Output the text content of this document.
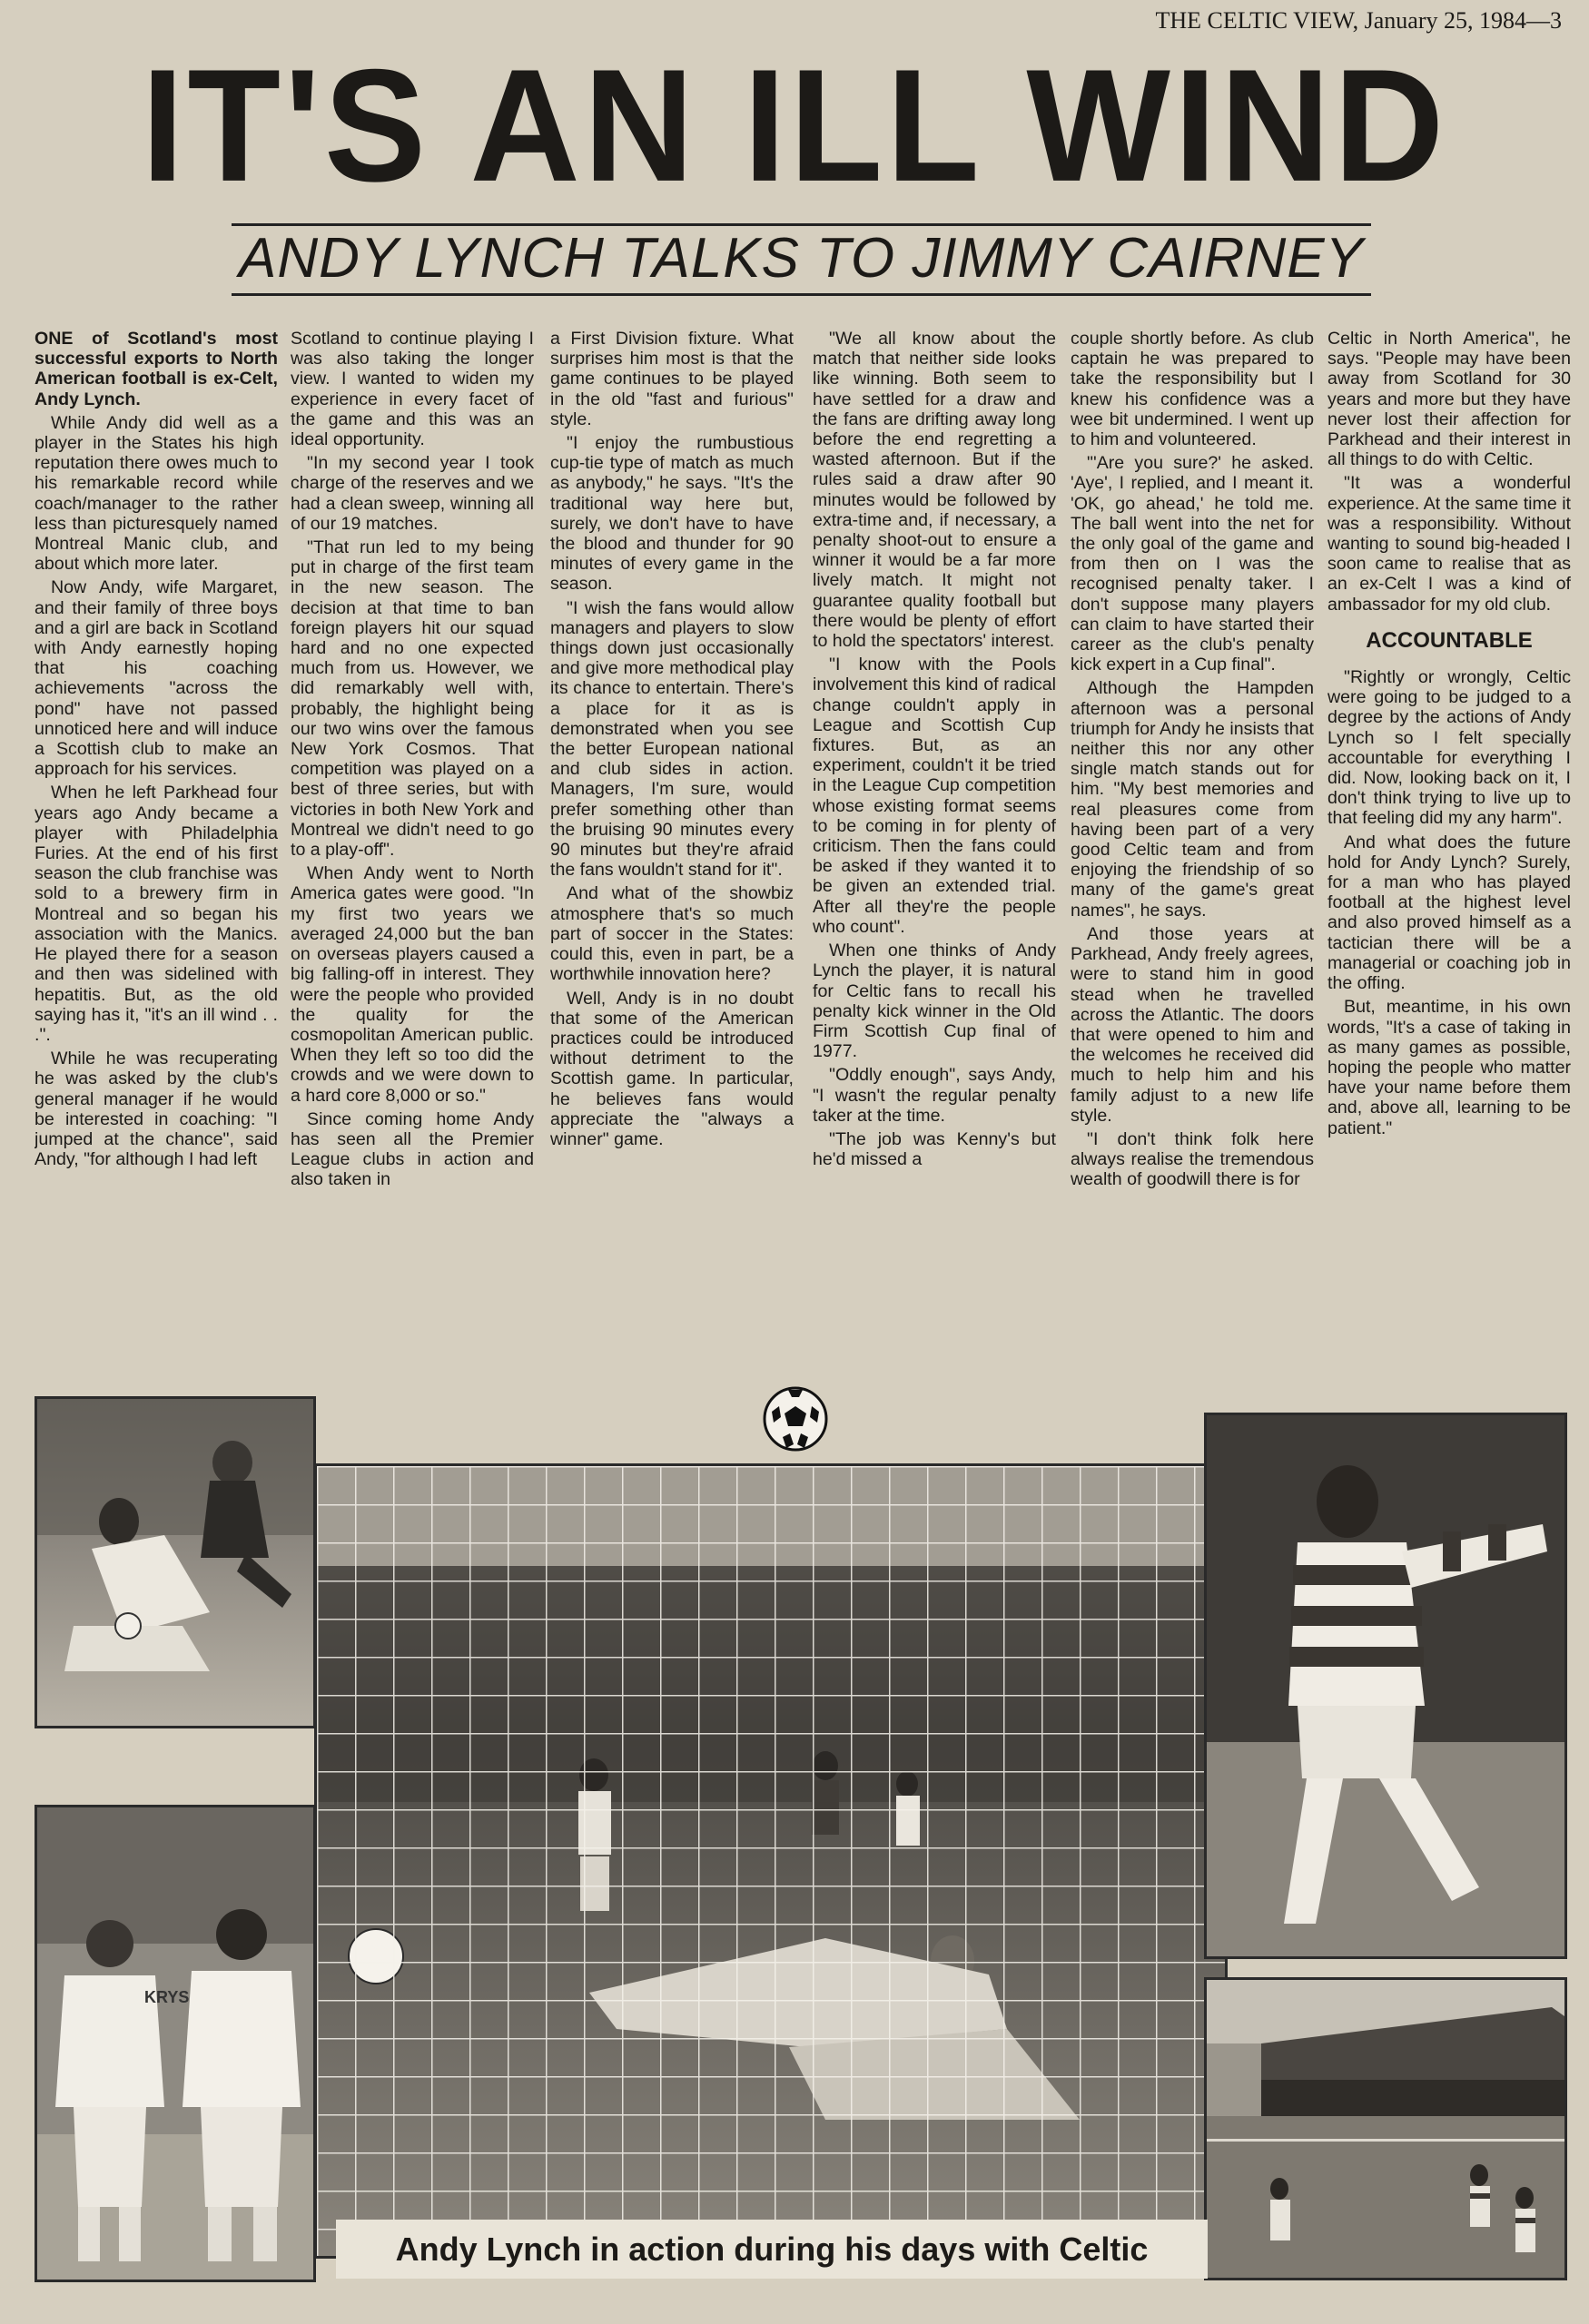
THE CELTIC VIEW, January 25, 1984—3
IT'S AN ILL WIND
ANDY LYNCH TALKS TO JIMMY CAIRNEY

ONE of Scotland's most successful exports to North American football is ex-Celt, Andy Lynch.

While Andy did well as a player in the States his high reputation there owes much to his remarkable record while coach/manager to the rather less than picturesquely named Montreal Manic club, and about which more later.

Now Andy, wife Margaret, and their family of three boys and a girl are back in Scotland with Andy earnestly hoping that his coaching achievements "across the pond" have not passed unnoticed here and will induce a Scottish club to make an approach for his services.

When he left Parkhead four years ago Andy became a player with Philadelphia Furies. At the end of his first season the club franchise was sold to a brewery firm in Montreal and so began his association with the Manics. He played there for a season and then was sidelined with hepatitis. But, as the old saying has it, "it's an ill wind . . .".

While he was recuperating he was asked by the club's general manager if he would be interested in coaching: "I jumped at the chance", said Andy, "for although I had left

Scotland to continue playing I was also taking the longer view. I wanted to widen my experience in every facet of the game and this was an ideal opportunity.

"In my second year I took charge of the reserves and we had a clean sweep, winning all of our 19 matches.

"That run led to my being put in charge of the first team in the new season. The decision at that time to ban foreign players hit our squad hard and no one expected much from us. However, we did remarkably well with, probably, the highlight being our two wins over the famous New York Cosmos. That competition was played on a best of three series, but with victories in both New York and Montreal we didn't need to go to a play-off".

When Andy went to North America gates were good. "In my first two years we averaged 24,000 but the ban on overseas players caused a big falling-off in interest. They were the people who provided the quality for the cosmopolitan American public. When they left so too did the crowds and we were down to a hard core 8,000 or so."

Since coming home Andy has seen all the Premier League clubs in action and also taken in

a First Division fixture. What surprises him most is that the game continues to be played in the old "fast and furious" style.

"I enjoy the rumbustious cup-tie type of match as much as anybody," he says. "It's the traditional way here but, surely, we don't have to have the blood and thunder for 90 minutes of every game in the season.

"I wish the fans would allow managers and players to slow things down just occasionally and give more methodical play its chance to entertain. There's a place for it as is demonstrated when you see the better European national and club sides in action. Managers, I'm sure, would prefer something other than the bruising 90 minutes every 90 minutes but they're afraid the fans wouldn't stand for it".

And what of the showbiz atmosphere that's so much part of soccer in the States: could this, even in part, be a worthwhile innovation here?

Well, Andy is in no doubt that some of the American practices could be introduced without detriment to the Scottish game. In particular, he believes fans would appreciate the "always a winner" game.

"We all know about the match that neither side looks like winning. Both seem to have settled for a draw and the fans are drifting away long before the end regretting a wasted afternoon. But if the rules said a draw after 90 minutes would be followed by extra-time and, if necessary, a penalty shoot-out to ensure a winner it would be a far more lively match. It might not guarantee quality football but there would be plenty of effort to hold the spectators' interest.

"I know with the Pools involvement this kind of radical change couldn't apply in League and Scottish Cup fixtures. But, as an experiment, couldn't it be tried in the League Cup competition whose existing format seems to be coming in for plenty of criticism. Then the fans could be asked if they wanted it to be given an extended trial. After all they're the people who count".

When one thinks of Andy Lynch the player, it is natural for Celtic fans to recall his penalty kick winner in the Old Firm Scottish Cup final of 1977.

"Oddly enough", says Andy, "I wasn't the regular penalty taker at the time.

"The job was Kenny's but he'd missed a

couple shortly before. As club captain he was prepared to take the responsibility but I knew his confidence was a wee bit undermined. I went up to him and volunteered.

"'Are you sure?' he asked. 'Aye', I replied, and I meant it. 'OK, go ahead,' he told me. The ball went into the net for the only goal of the game and from then on I was the recognised penalty taker. I don't suppose many players can claim to have started their career as the club's penalty kick expert in a Cup final".

Although the Hampden afternoon was a personal triumph for Andy he insists that neither this nor any other single match stands out for him. "My best memories and real pleasures come from having been part of a very good Celtic team and from enjoying the friendship of so many of the game's great names", he says.

And those years at Parkhead, Andy freely agrees, were to stand him in good stead when he travelled across the Atlantic. The doors that were opened to him and the welcomes he received did much to help him and his family adjust to a new life style.

"I don't think folk here always realise the tremendous wealth of goodwill there is for

Celtic in North America", he says. "People may have been away from Scotland for 30 years and more but they have never lost their affection for Parkhead and their interest in all things to do with Celtic.

"It was a wonderful experience. At the same time it was a responsibility. Without wanting to sound big-headed I soon came to realise that as an ex-Celt I was a kind of ambassador for my old club.

ACCOUNTABLE

"Rightly or wrongly, Celtic were going to be judged to a degree by the actions of Andy Lynch so I felt specially accountable for everything I did. Now, looking back on it, I don't think trying to live up to that feeling did my any harm".

And what does the future hold for Andy Lynch? Surely, for a man who has played football at the highest level and also proved himself as a tactician there will be a managerial or coaching job in the offing.

But, meantime, in his own words, "It's a case of taking in as many games as possible, hoping the people who matter have your name before them and, above all, learning to be patient."

KRYS
Andy Lynch in action during his days with Celtic
